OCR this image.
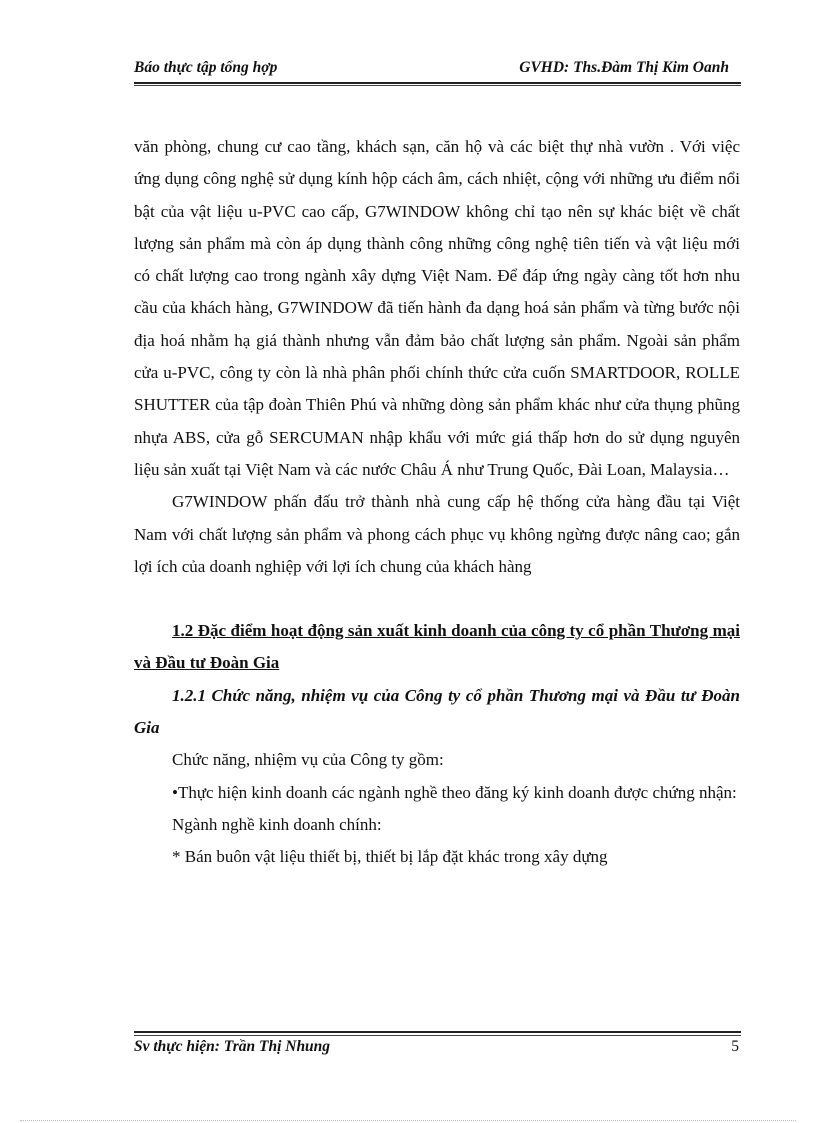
Báo thực tập tổng hợp	GVHD: Ths.Đàm Thị Kim Oanh

văn phòng, chung cư cao tầng, khách sạn, căn hộ và các biệt thự nhà vườn . Với việc ứng dụng công nghệ sử dụng kính hộp cách âm, cách nhiệt, cộng với những ưu điểm nổi bật của vật liệu u-PVC cao cấp, G7WINDOW không chỉ tạo nên sự khác biệt về chất lượng sản phẩm mà còn áp dụng thành công những công nghệ tiên tiến và vật liệu mới có chất lượng cao trong ngành xây dựng Việt Nam. Để đáp ứng ngày càng tốt hơn nhu cầu của khách hàng, G7WINDOW đã tiến hành đa dạng hoá sản phẩm và từng bước nội địa hoá nhằm hạ giá thành nhưng vẫn đảm bảo chất lượng sản phẩm. Ngoài sản phẩm cửa u-PVC, công ty còn là nhà phân phối chính thức cửa cuốn SMARTDOOR, ROLLE SHUTTER của tập đoàn Thiên Phú và những dòng sản phẩm khác như cửa thụng phũng nhựa ABS, cửa gỗ SERCUMAN nhập khẩu với mức giá thấp hơn do sử dụng nguyên liệu sản xuất tại Việt Nam và các nước Châu Á như Trung Quốc, Đài Loan, Malaysia…

G7WINDOW phấn đấu trở thành nhà cung cấp hệ thống cửa hàng đầu tại Việt Nam với chất lượng sản phẩm và phong cách phục vụ không ngừng được nâng cao; gắn lợi ích của doanh nghiệp với lợi ích chung của khách hàng

1.2 Đặc điểm hoạt động sản xuất kinh doanh của công ty cổ phần Thương mại và Đầu tư Đoàn Gia

1.2.1 Chức năng, nhiệm vụ của Công ty cổ phần Thương mại và Đầu tư Đoàn Gia

Chức năng, nhiệm vụ của Công ty gồm:

•Thực hiện kinh doanh các ngành nghề theo đăng ký kinh doanh được chứng nhận:

Ngành nghề kinh doanh chính:

* Bán buôn vật liệu thiết bị, thiết bị lắp đặt khác trong xây dựng

Sv thực hiện: Trần Thị Nhung	5
